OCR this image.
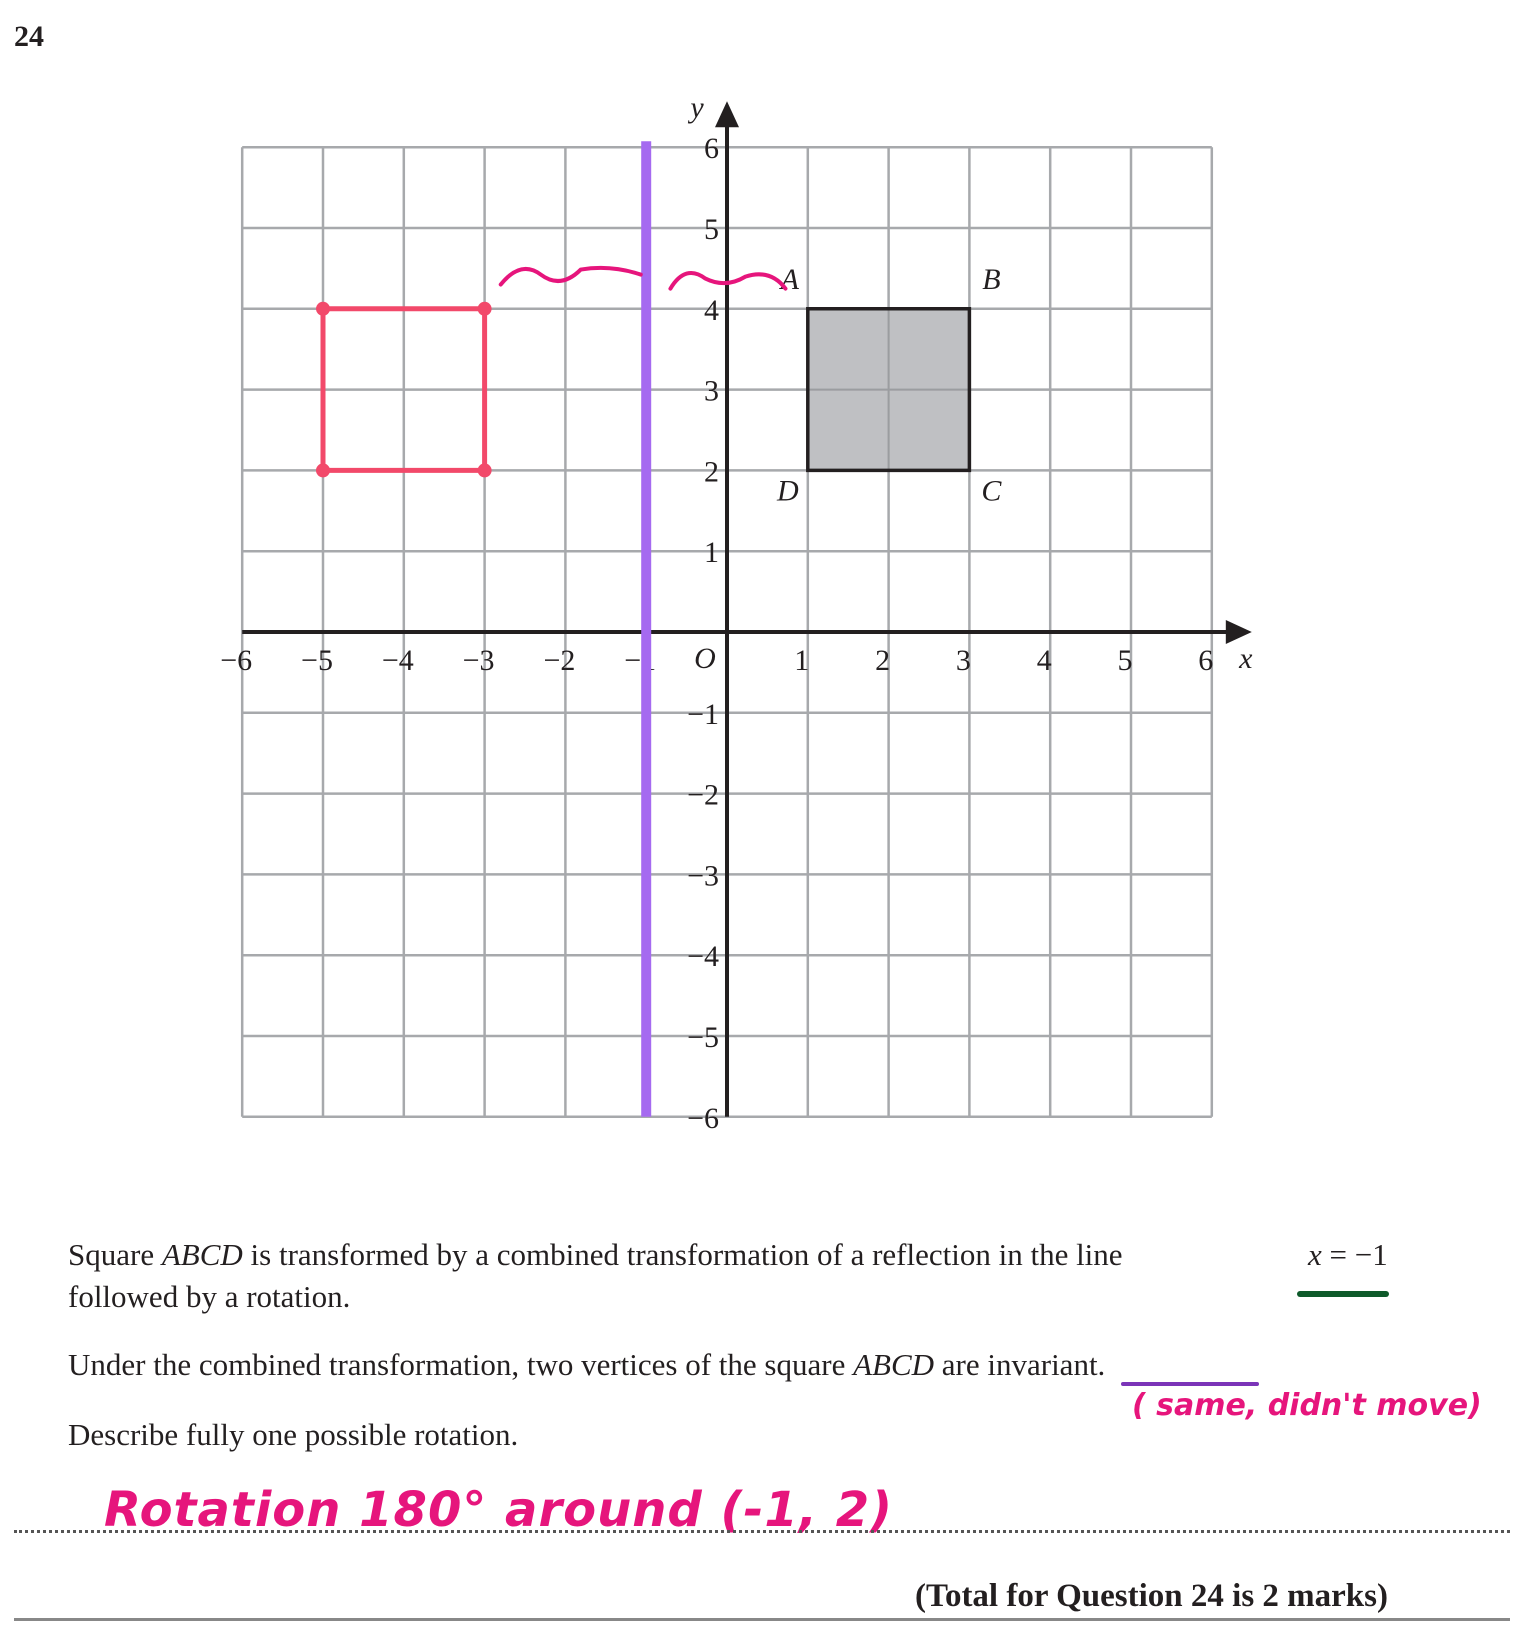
24
−6 −5 −4 −3 −2 −1	1 2 3 4 5 6
6
5
4
3
2
1
−1
−2
−3
−4
−5
−6
O	x
y
A	B
C
D

Square ABCD is transformed by a combined transformation of a reflection in the line	x = −1

followed by a rotation.

Under the combined transformation, two vertices of the square ABCD are invariant.

( same, didn't move)

Describe fully one possible rotation.

Rotation 180° around (-1, 2)
(Total for Question 24 is 2 marks)
